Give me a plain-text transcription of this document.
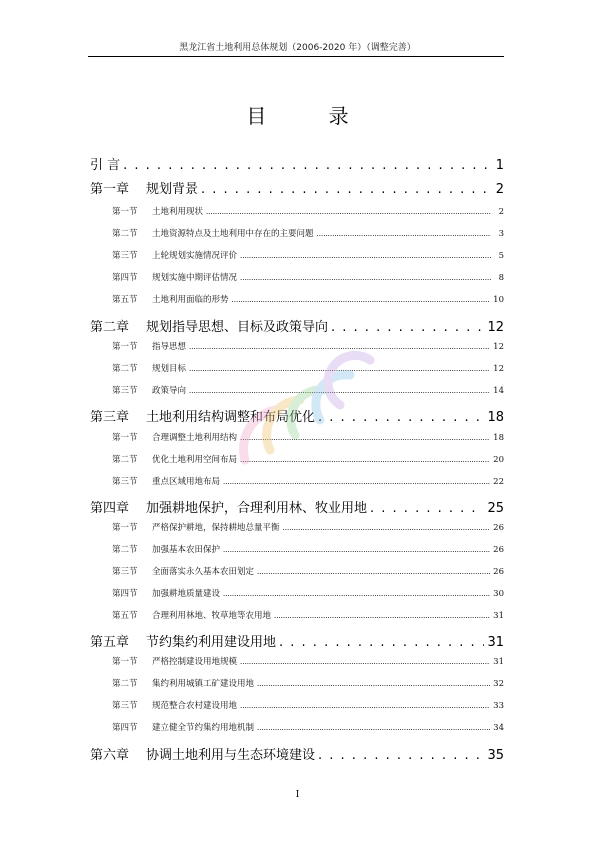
黑龙江省土地利用总体规划（2006-2020 年）（调整完善）
目 录
引 言 . . .	1
第一章	规划背景 . . .	2
第一节	土地利用现状 .....	2
第二节	土地资源特点及土地利用中存在的主要问题 .....	3
第三节	上轮规划实施情况评价 .....	5
第四节	规划实施中期评估情况 .....	8
第五节	土地利用面临的形势 .....	10
第二章	规划指导思想、目标及政策导向 . . .	12
第一节	指导思想 .....	12
第二节	规划目标 .....	12
第三节	政策导向 .....	14
第三章	土地利用结构调整和布局优化 . . .	18
第一节	合理调整土地利用结构 .....	18
第二节	优化土地利用空间布局 .....	20
第三节	重点区域用地布局 .....	22
第四章	加强耕地保护，合理利用林、牧业用地 . . .	25
第一节	严格保护耕地，保持耕地总量平衡 .....	26
第二节	加强基本农田保护 .....	26
第三节	全面落实永久基本农田划定 .....	26
第四节	加强耕地质量建设 .....	30
第五节	合理利用林地、牧草地等农用地 .....	31
第五章	节约集约利用建设用地 . . .	31
第一节	严格控制建设用地规模 .....	31
第二节	集约利用城镇工矿建设用地 .....	32
第三节	规范整合农村建设用地 .....	33
第四节	建立健全节约集约用地机制 .....	34
第六章	协调土地利用与生态环境建设 . . .	35
I
